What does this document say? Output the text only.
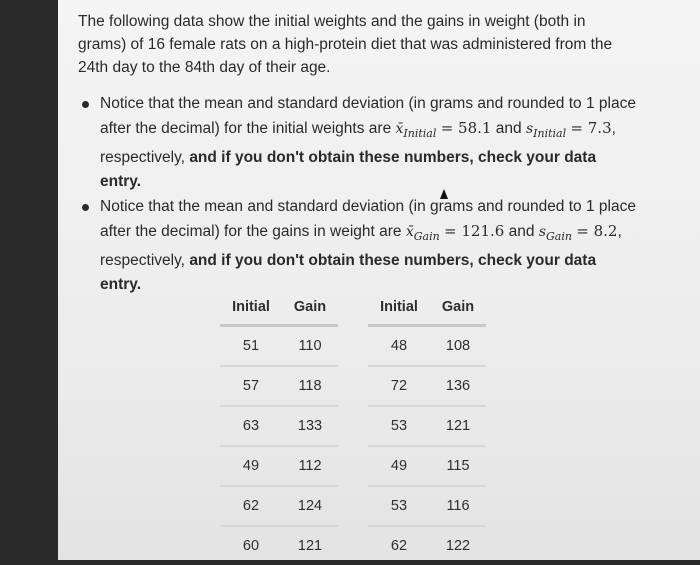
The following data show the initial weights and the gains in weight (both in grams) of 16 female rats on a high-protein diet that was administered from the 24th day to the 84th day of their age.
Notice that the mean and standard deviation (in grams and rounded to 1 place after the decimal) for the initial weights are $x̄_{Initial} = 58.1$ and $s_{Initial} = 7.3$, respectively, and if you don't obtain these numbers, check your data entry.
Notice that the mean and standard deviation (in grams and rounded to 1 place after the decimal) for the gains in weight are $x̄_{Gain} = 121.6$ and $s_{Gain} = 8.2$, respectively, and if you don't obtain these numbers, check your data entry.
Initial	Gain
51	110
57	118
63	133
49	112
62	124
60	121
Initial	Gain
48	108
72	136
53	121
49	115
53	116
62	122
